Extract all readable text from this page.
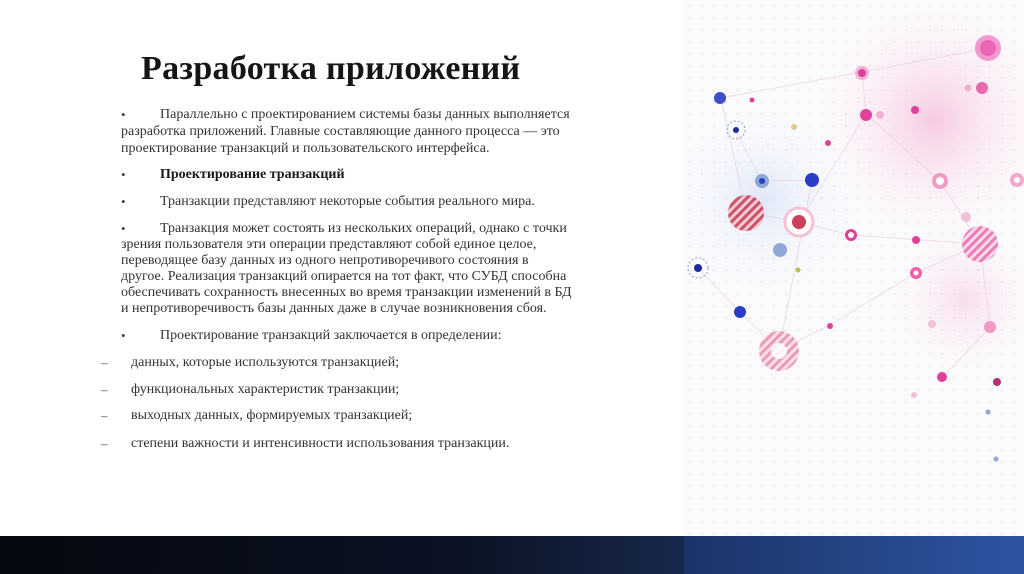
Разработка приложений
• Параллельно с проектированием системы базы данных выполняется
разработка приложений. Главные составляющие данного процесса — это
проектирование транзакций и пользовательского интерфейса.
• Проектирование транзакций
• Транзакции представляют некоторые события реального мира.
• Транзакция может состоять из нескольких операций, однако с точки
зрения пользователя эти операции представляют собой единое целое,
переводящее базу данных из одного непротиворечивого состояния в
другое. Реализация транзакций опирается на тот факт, что СУБД способна
обеспечивать сохранность внесенных во время транзакции изменений в БД
и непротиворечивость базы данных даже в случае возникновения сбоя.
• Проектирование транзакций заключается в определении:
– данных, которые используются транзакцией;
– функциональных характеристик транзакции;
– выходных данных, формируемых транзакцией;
– степени важности и интенсивности использования транзакции.
